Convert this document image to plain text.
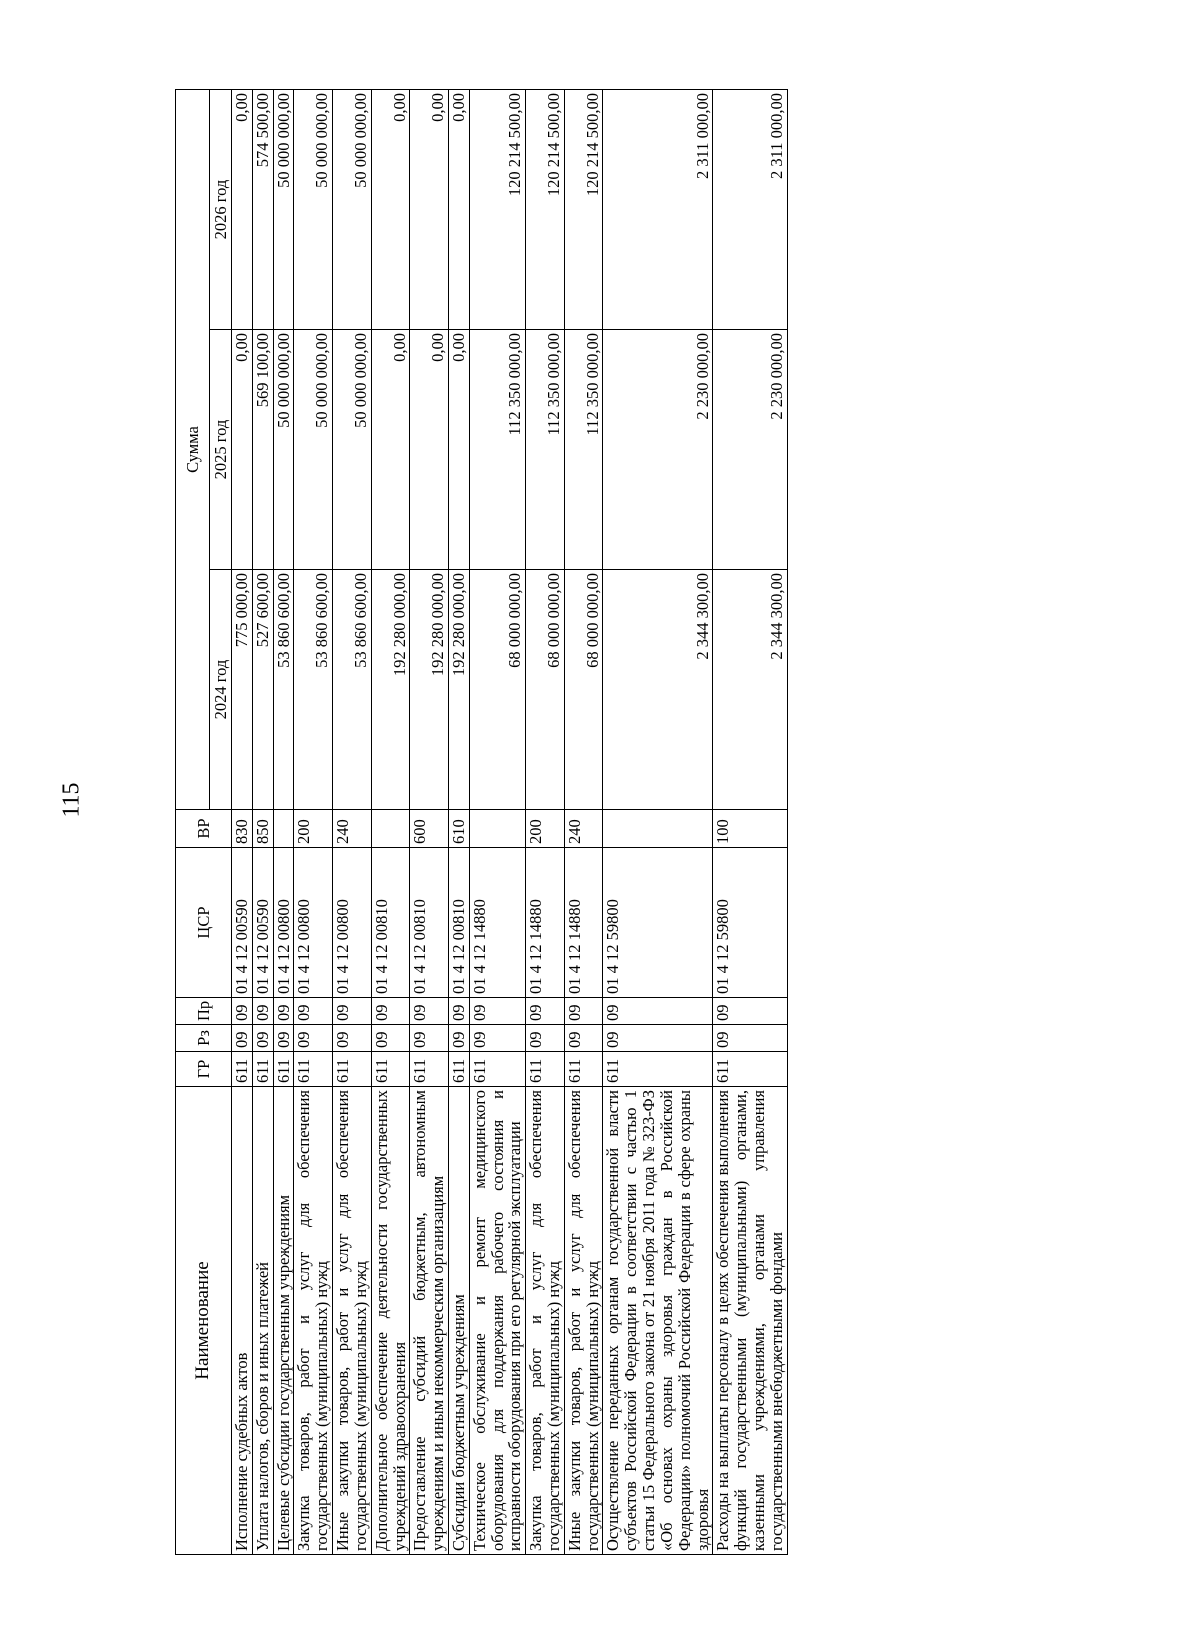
115
Наименование	ГР	Рз	Пр	ЦСР	ВР	Сумма		
						2024 год	2025 год	2026 год
Исполнение судебных актов	611	09	09	01 4 12 00590	830	775 000,00	0,00	0,00
Уплата налогов, сборов и иных платежей	611	09	09	01 4 12 00590	850	527 600,00	569 100,00	574 500,00
Целевые субсидии государственным учреждениям	611	09	09	01 4 12 00800		53 860 600,00	50 000 000,00	50 000 000,00
Закупка товаров, работ и услуг для обеспечения государственных (муниципальных) нужд	611	09	09	01 4 12 00800	200	53 860 600,00	50 000 000,00	50 000 000,00
Иные закупки товаров, работ и услуг для обеспечения государственных (муниципальных) нужд	611	09	09	01 4 12 00800	240	53 860 600,00	50 000 000,00	50 000 000,00
Дополнительное обеспечение деятельности государственных учреждений здравоохранения	611	09	09	01 4 12 00810		192 280 000,00	0,00	0,00
Предоставление субсидий бюджетным, автономным учреждениям и иным некоммерческим организациям	611	09	09	01 4 12 00810	600	192 280 000,00	0,00	0,00
Субсидии бюджетным учреждениям	611	09	09	01 4 12 00810	610	192 280 000,00	0,00	0,00
Техническое обслуживание и ремонт медицинского оборудования для поддержания рабочего состояния и исправности оборудования при его регулярной эксплуатации	611	09	09	01 4 12 14880		68 000 000,00	112 350 000,00	120 214 500,00
Закупка товаров, работ и услуг для обеспечения государственных (муниципальных) нужд	611	09	09	01 4 12 14880	200	68 000 000,00	112 350 000,00	120 214 500,00
Иные закупки товаров, работ и услуг для обеспечения государственных (муниципальных) нужд	611	09	09	01 4 12 14880	240	68 000 000,00	112 350 000,00	120 214 500,00
Осуществление переданных органам государственной власти субъектов Российской Федерации в соответствии с частью 1 статьи 15 Федерального закона от 21 ноября 2011 года № 323-ФЗ «Об основах охраны здоровья граждан в Российской Федерации» полномочий Российской Федерации в сфере охраны здоровья	611	09	09	01 4 12 59800		2 344 300,00	2 230 000,00	2 311 000,00
Расходы на выплаты персоналу в целях обеспечения выполнения функций государственными (муниципальными) органами, казенными учреждениями, органами управления государственными внебюджетными фондами	611	09	09	01 4 12 59800	100	2 344 300,00	2 230 000,00	2 311 000,00
